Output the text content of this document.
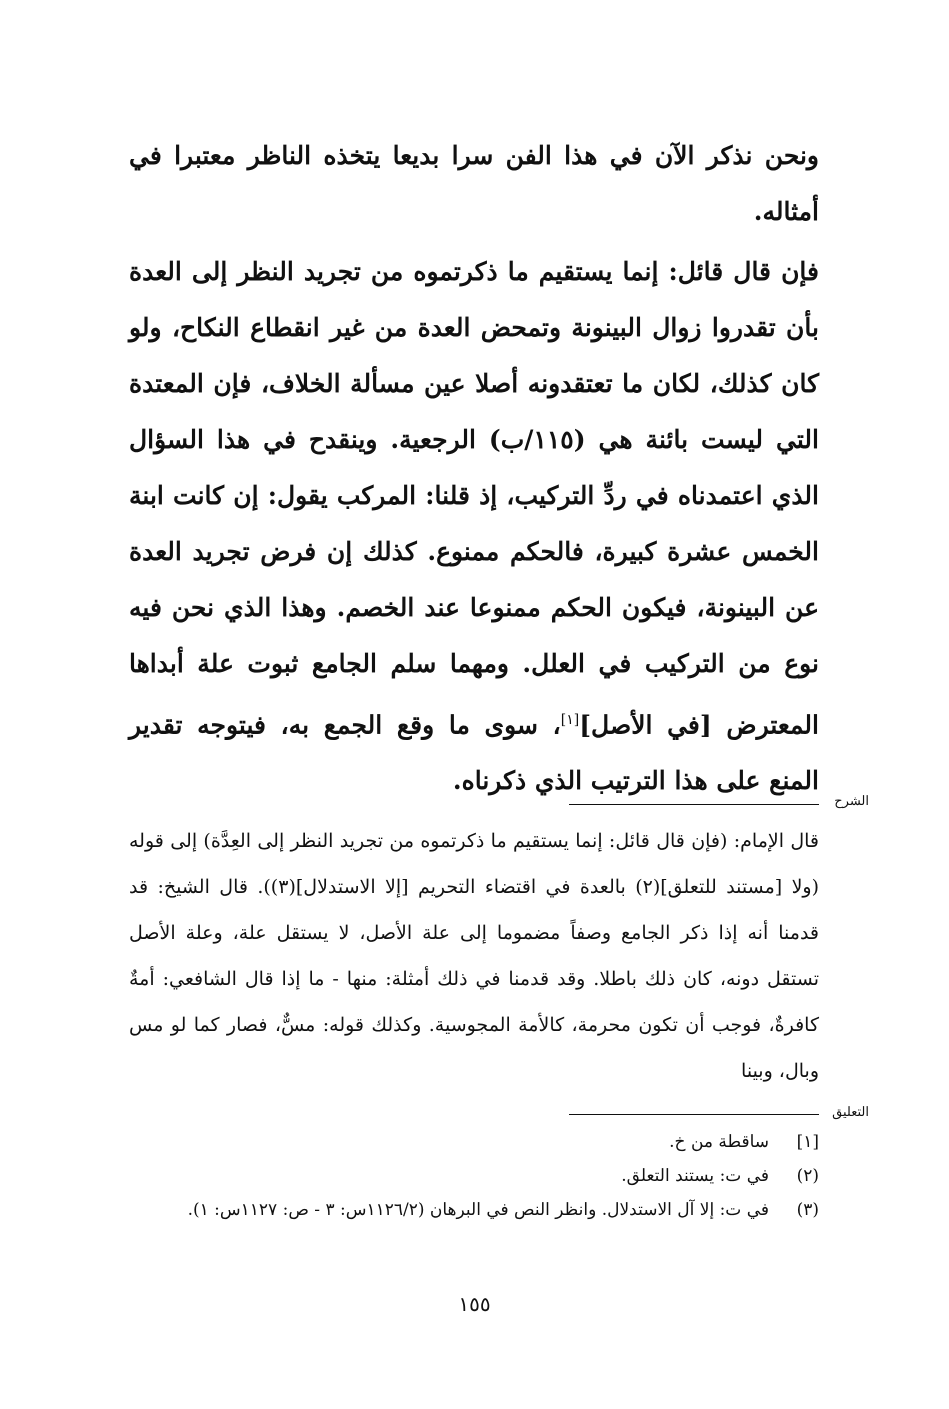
ونحن نذكر الآن في هذا الفن سرا بديعا يتخذه الناظر معتبرا في أمثاله.

فإن قال قائل: إنما يستقيم ما ذكرتموه من تجريد النظر إلى العدة بأن تقدروا زوال البينونة وتمحض العدة من غير انقطاع النكاح، ولو كان كذلك، لكان ما تعتقدونه أصلا عين مسألة الخلاف، فإن المعتدة التي ليست بائنة هي (١١٥/ب) الرجعية. وينقدح في هذا السؤال الذي اعتمدناه في ردِّ التركيب، إذ قلنا: المركب يقول: إن كانت ابنة الخمس عشرة كبيرة، فالحكم ممنوع. كذلك إن فرض تجريد العدة عن البينونة، فيكون الحكم ممنوعا عند الخصم. وهذا الذي نحن فيه نوع من التركيب في العلل. ومهما سلم الجامع ثبوت علة أبداها المعترض [في الأصل][١]، سوى ما وقع الجمع به، فيتوجه تقدير المنع على هذا الترتيب الذي ذكرناه.

الشرح

قال الإمام: (فإن قال قائل: إنما يستقيم ما ذكرتموه من تجريد النظر إلى العِدَّة) إلى قوله (ولا [مستند للتعلق](٢) بالعدة في اقتضاء التحريم [إلا الاستدلال](٣)). قال الشيخ: قد قدمنا أنه إذا ذكر الجامع وصفاً مضموما إلى علة الأصل، لا يستقل علة، وعلة الأصل تستقل دونه، كان ذلك باطلا. وقد قدمنا في ذلك أمثلة: منها - ما إذا قال الشافعي: أمةٌ كافرةٌ، فوجب أن تكون محرمة، كالأمة المجوسية. وكذلك قوله: مسٌّ، فصار كما لو مس وبال، وبينا

التعليق
[١]
ساقطة من خ.
(٢)
في ت: يستند التعلق.
(٣)
في ت: إلا آل الاستدلال. وانظر النص في البرهان (١١٢٦/٢س: ٣ - ص: ١١٢٧س: ١).
١٥٥
